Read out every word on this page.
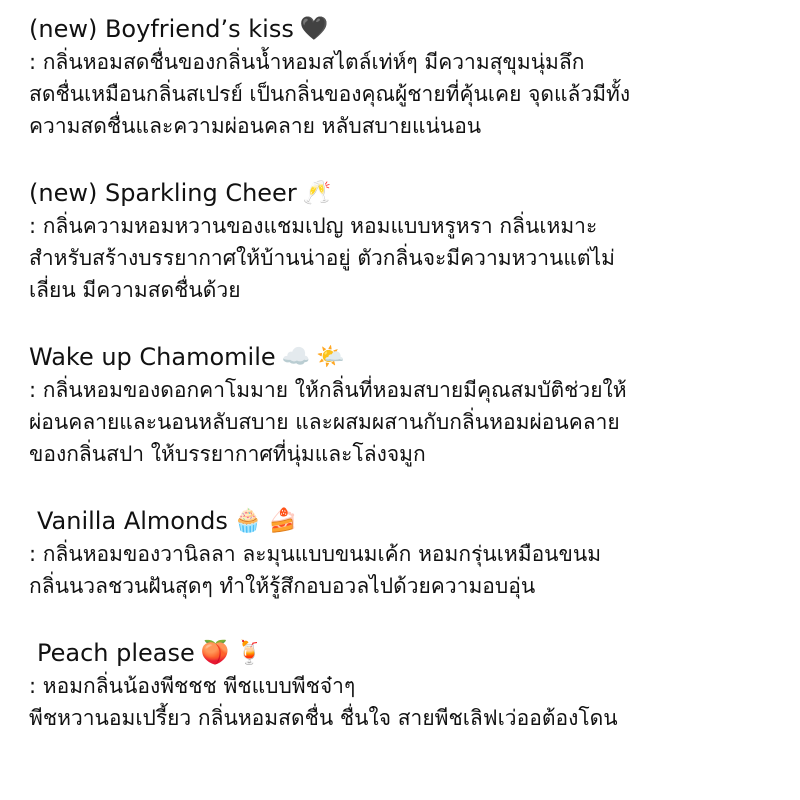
(new) Boyfriend’s kiss 🖤
: กลิ่นหอมสดชื่นของกลิ่นน้ำหอมสไตล์เท่ห์ๆ มีความสุขุมนุ่มลึก
สดชื่นเหมือนกลิ่นสเปรย์ เป็นกลิ่นของคุณผู้ชายที่คุ้นเคย จุดแล้วมีทั้ง
ความสดชื่นและความผ่อนคลาย หลับสบายแน่นอน
(new) Sparkling Cheer 🥂
: กลิ่นความหอมหวานของแชมเปญ หอมแบบหรูหรา กลิ่นเหมาะ
สำหรับสร้างบรรยากาศให้บ้านน่าอยู่ ตัวกลิ่นจะมีความหวานแต่ไม่
เลี่ยน มีความสดชื่นด้วย
Wake up Chamomile ☁️ 🌤️
: กลิ่นหอมของดอกคาโมมาย ให้กลิ่นที่หอมสบายมีคุณสมบัติช่วยให้
ผ่อนคลายและนอนหลับสบาย และผสมผสานกับกลิ่นหอมผ่อนคลาย
ของกลิ่นสปา ให้บรรยากาศที่นุ่มและโล่งจมูก
Vanilla Almonds 🧁 🍰
: กลิ่นหอมของวานิลลา ละมุนแบบขนมเค้ก หอมกรุ่นเหมือนขนม
กลิ่นนวลชวนฝันสุดๆ ทำให้รู้สึกอบอวลไปด้วยความอบอุ่น
Peach please 🍑 🍹
: หอมกลิ่นน้องพีชชช พีชแบบพีชจ๋าๆ
พีชหวานอมเปรี้ยว กลิ่นหอมสดชื่น ชื่นใจ สายพีชเลิฟเว่ออต้องโดน
